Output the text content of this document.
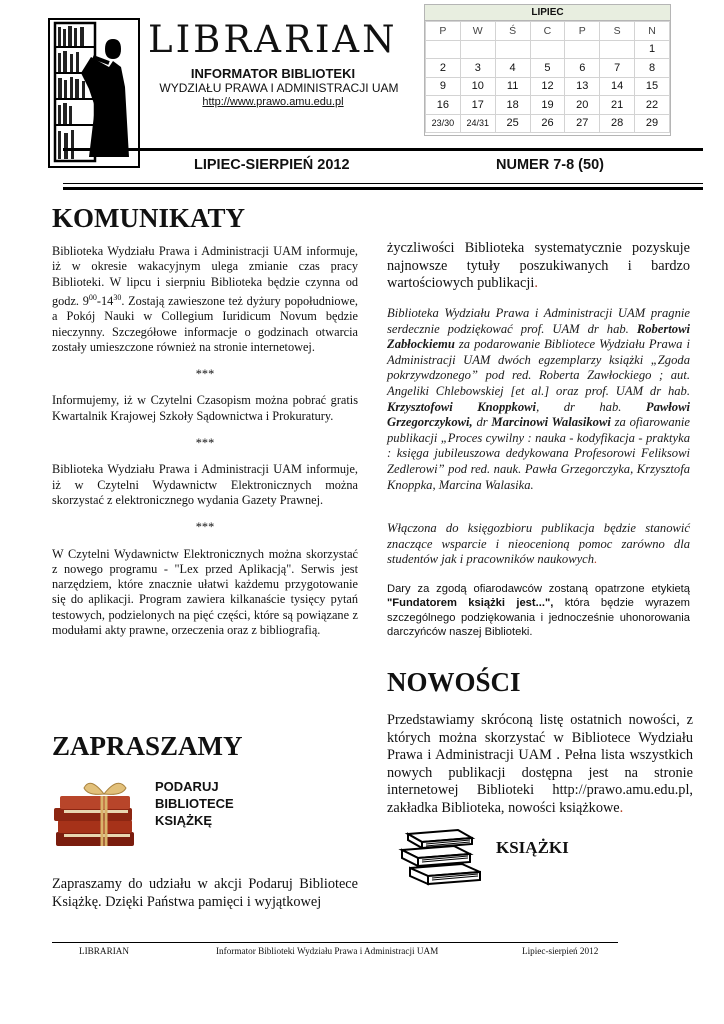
LIBRARIAN
INFORMATOR BIBLIOTEKI
WYDZIAŁU PRAWA I ADMINISTRACJI UAM
http://www.prawo.amu.edu.pl
LIPIEC
P	W	Ś	C	P	S	N
						1
2	3	4	5	6	7	8
9	10	11	12	13	14	15
16	17	18	19	20	21	22
23/30	24/31	25	26	27	28	29
LIPIEC-SIERPIEŃ 2012	NUMER 7-8 (50)
KOMUNIKATY

Biblioteka Wydziału Prawa i Administracji UAM informuje, iż w okresie wakacyjnym ulega zmianie czas pracy Biblioteki. W lipcu i sierpniu Biblioteka będzie czynna od godz. $9^{00}-14^{30}$. Zostają zawieszone też dyżury popołudniowe, a Pokój Nauki w Collegium Iuridicum Novum będzie nieczynny. Szczegółowe informacje o godzinach otwarcia zostały umieszczone również na stronie internetowej.

***

Informujemy, iż w Czytelni Czasopism można pobrać gratis Kwartalnik Krajowej Szkoły Sądownictwa i Prokuratury.

***

Biblioteka Wydziału Prawa i Administracji UAM informuje, iż w Czytelni Wydawnictw Elektronicznych można skorzystać z elektronicznego wydania Gazety Prawnej.

***

W Czytelni Wydawnictw Elektronicznych można skorzystać z nowego programu - "Lex przed Aplikacją". Serwis jest narzędziem, które znacznie ułatwi każdemu przygotowanie się do aplikacji. Program zawiera kilkanaście tysięcy pytań testowych, podzielonych na pięć części, które są powiązane z modułami akty prawne, orzeczenia oraz z bibliografią.

ZAPRASZAMY
PODARUJ
BIBLIOTECE
KSIĄŻKĘ
Zapraszamy do udziału w akcji Podaruj Bibliotece Książkę. Dzięki Państwa pamięci i wyjątkowej

życzliwości Biblioteka systematycznie pozyskuje najnowsze tytuły poszukiwanych i bardzo wartościowych publikacji.

Biblioteka Wydziału Prawa i Administracji UAM pragnie serdecznie podziękować prof. UAM dr hab. Robertowi Zabłockiemu za podarowanie Bibliotece Wydziału Prawa i Administracji UAM dwóch egzemplarzy książki „Zgoda pokrzywdzonego” pod red. Roberta Zawłockiego ; aut. Angeliki Chlebowskiej [et al.] oraz prof. UAM dr hab. Krzysztofowi Knoppkowi, dr hab. Pawłowi Grzegorczykowi, dr Marcinowi Walasikowi za ofiarowanie publikacji „Proces cywilny : nauka - kodyfikacja - praktyka : księga jubileuszowa dedykowana Profesorowi Feliksowi Zedlerowi” pod red. nauk. Pawła Grzegorczyka, Krzysztofa Knoppka, Marcina Walasika.
Włączona do księgozbioru publikacja będzie stanowić znaczące wsparcie i nieocenioną pomoc zarówno dla studentów jak i pracowników naukowych.
Dary za zgodą ofiarodawców zostaną opatrzone etykietą "Fundatorem książki jest...", która będzie wyrazem szczególnego podziękowania i jednocześnie uhonorowania darczyńców naszej Biblioteki.
NOWOŚCI
Przedstawiamy skróconą listę ostatnich nowości, z których można skorzystać w Bibliotece Wydziału Prawa i Administracji UAM . Pełna lista wszystkich nowych publikacji dostępna jest na stronie internetowej Biblioteki http://prawo.amu.edu.pl, zakładka Biblioteka, nowości książkowe.
KSIĄŻKI
LIBRARIAN	Informator Biblioteki Wydziału Prawa i Administracji UAM	Lipiec-sierpień 2012
